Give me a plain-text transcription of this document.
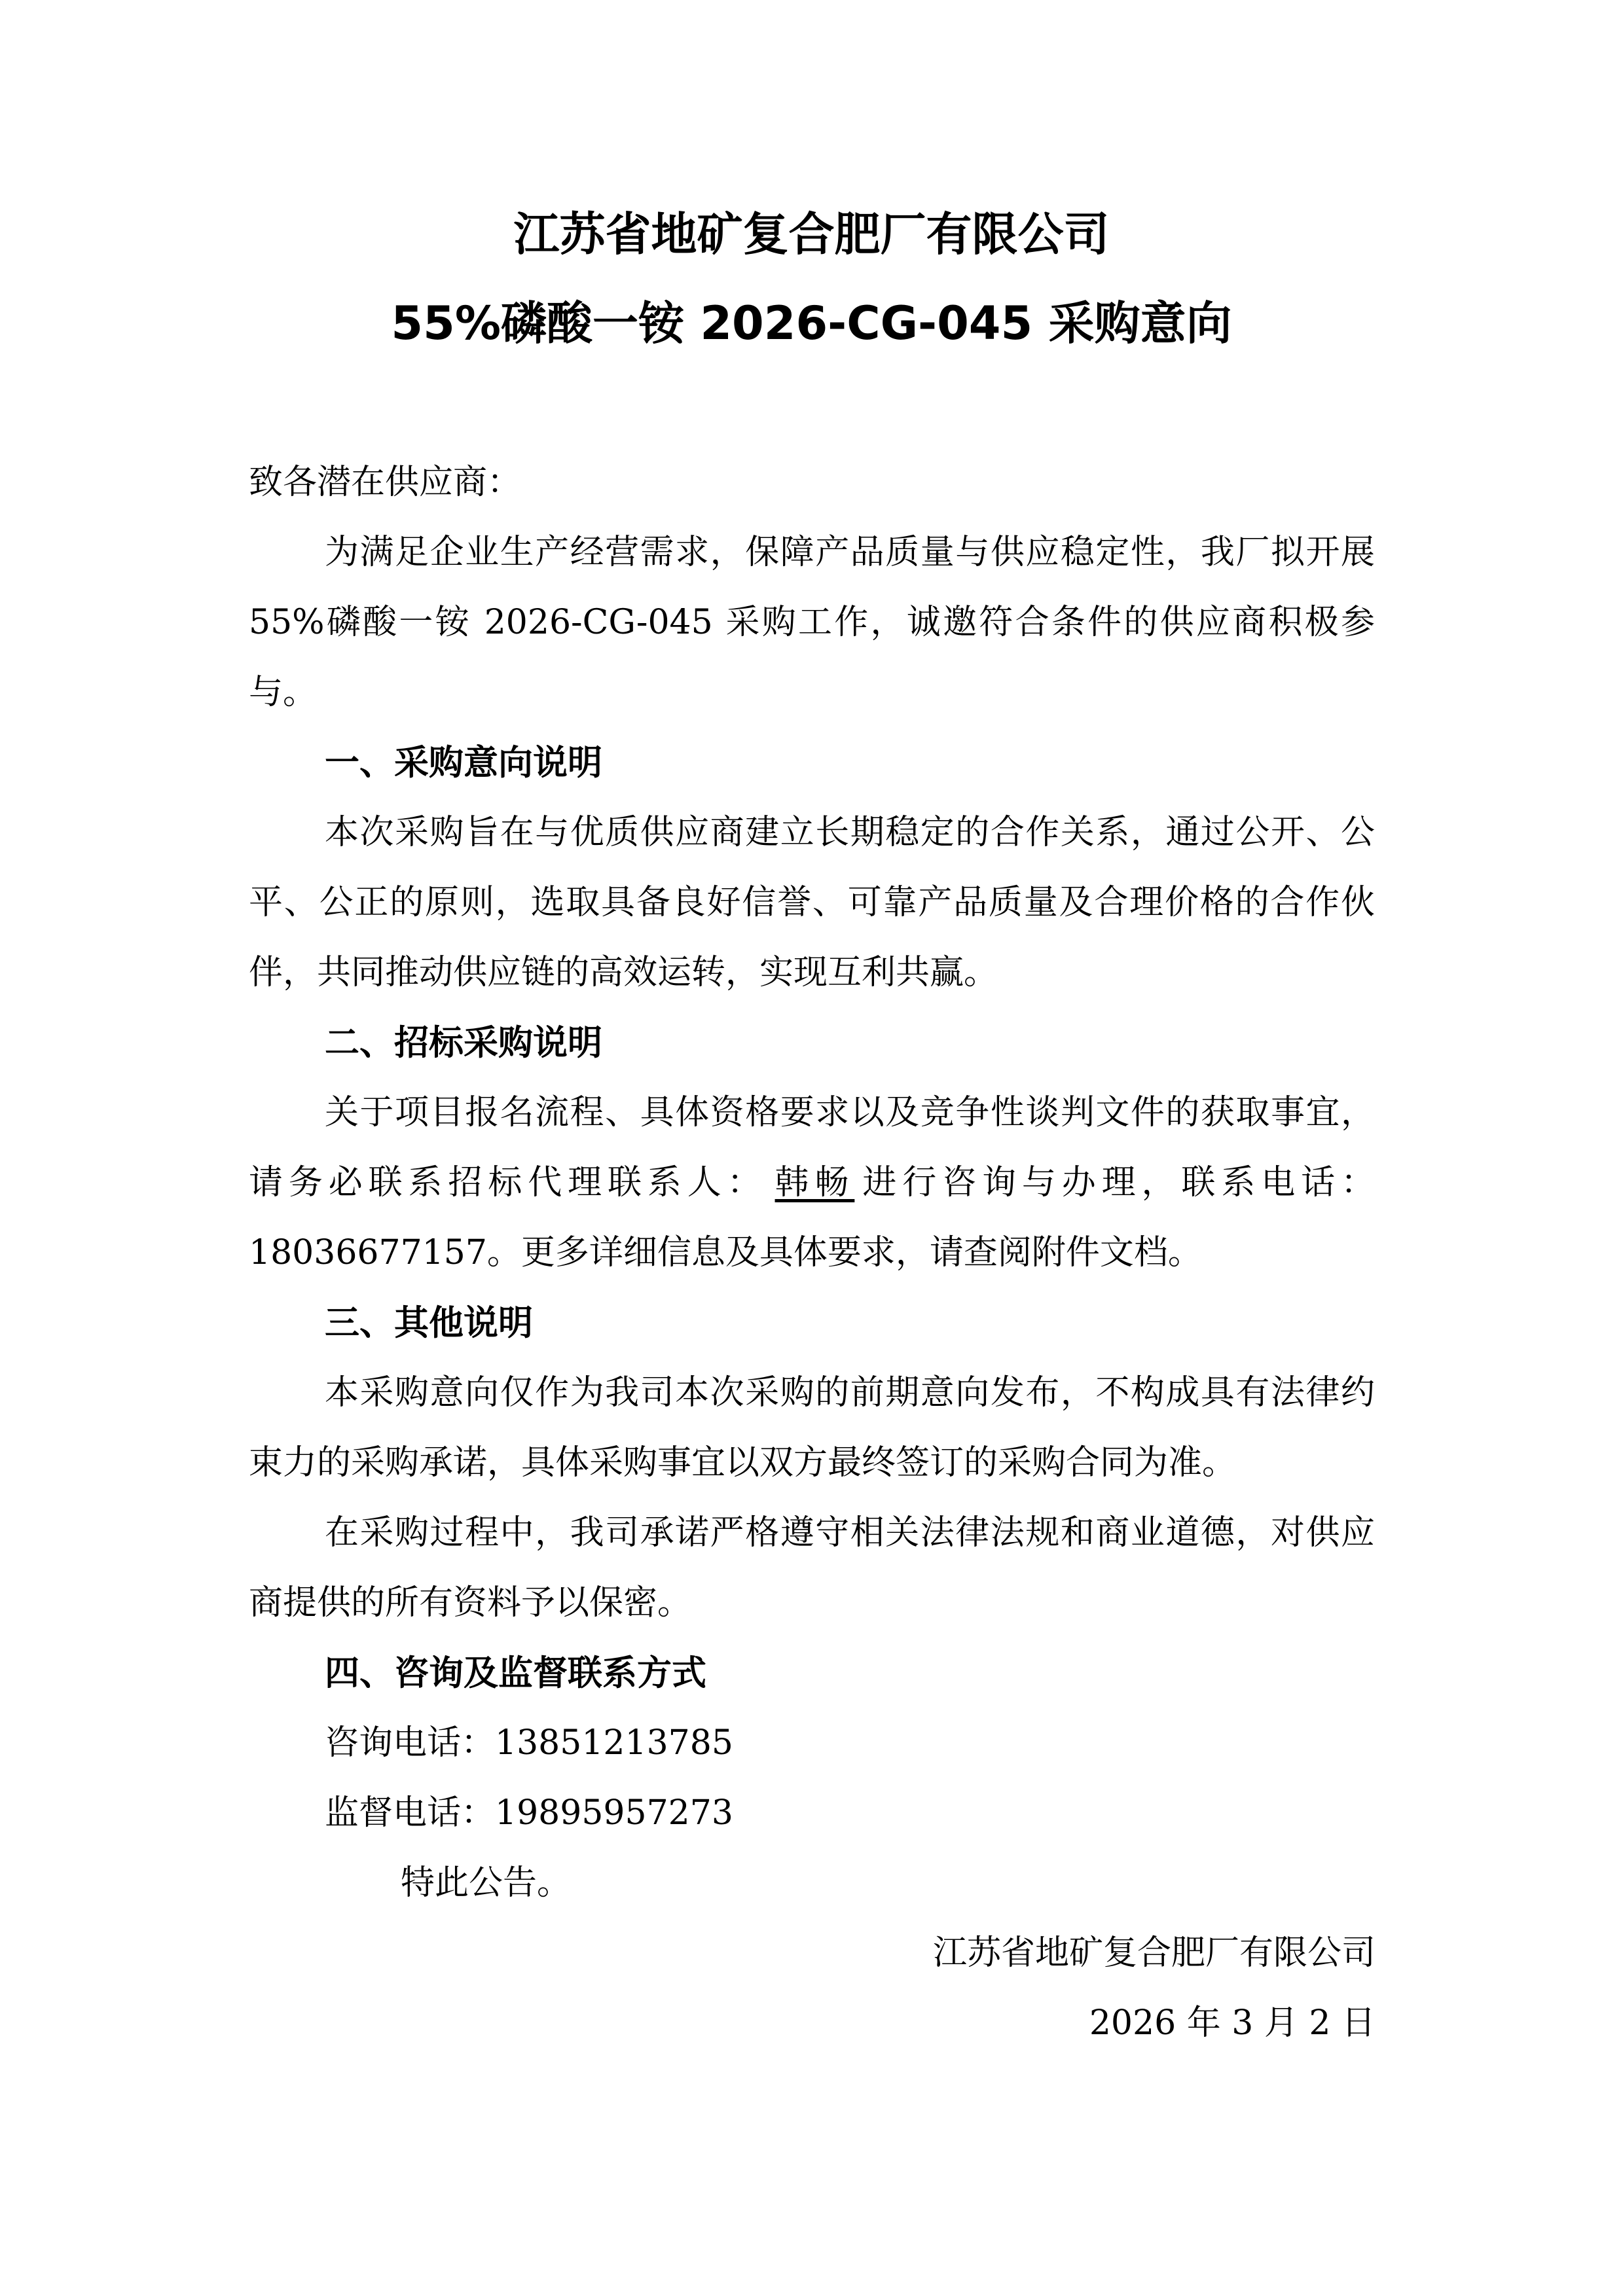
江苏省地矿复合肥厂有限公司
55%磷酸一铵 2026-CG-045 采购意向

致各潜在供应商：

为满足企业生产经营需求，保障产品质量与供应稳定性，我厂拟开展 55%磷酸一铵 2026-CG-045 采购工作，诚邀符合条件的供应商积极参与。

一、采购意向说明

本次采购旨在与优质供应商建立长期稳定的合作关系，通过公开、公平、公正的原则，选取具备良好信誉、可靠产品质量及合理价格的合作伙伴，共同推动供应链的高效运转，实现互利共赢。

二、招标采购说明

关于项目报名流程、具体资格要求以及竞争性谈判文件的获取事宜，请务必联系招标代理联系人： 韩畅 进行咨询与办理，联系电话：18036677157。更多详细信息及具体要求，请查阅附件文档。

三、其他说明

本采购意向仅作为我司本次采购的前期意向发布，不构成具有法律约束力的采购承诺，具体采购事宜以双方最终签订的采购合同为准。

在采购过程中，我司承诺严格遵守相关法律法规和商业道德，对供应商提供的所有资料予以保密。

四、咨询及监督联系方式

咨询电话：13851213785

监督电话：19895957273

特此公告。

江苏省地矿复合肥厂有限公司

2026 年 3 月 2 日
